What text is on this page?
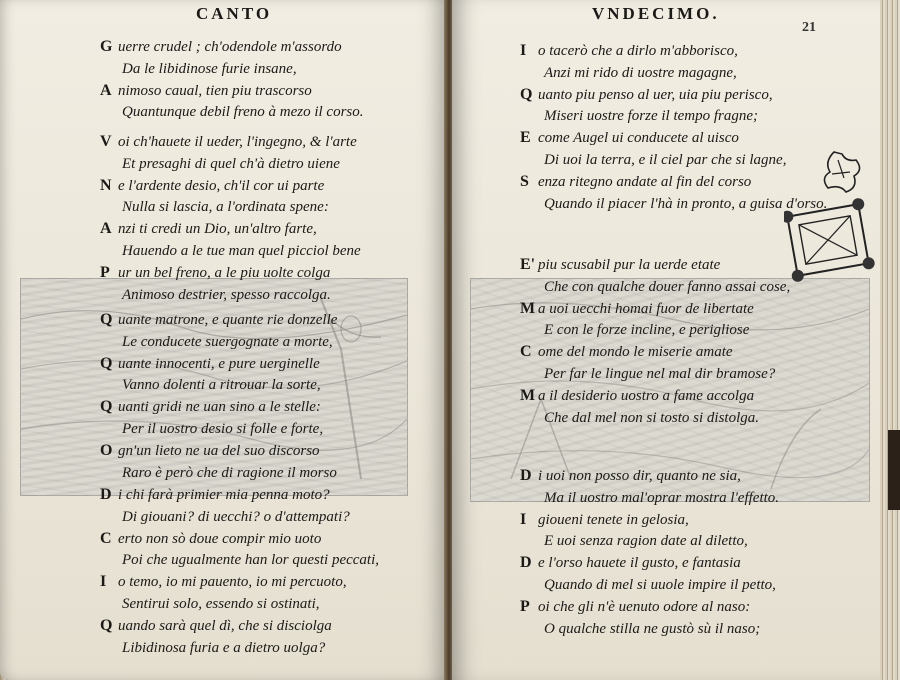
CANTO
G uerre crudel ; ch'odendole m'assordo
Da le libidinose furie insane,
A nimoso caual, tien piu trascorso
Quantunque debil freno à mezo il corso.
V oi ch'hauete il ueder, l'ingegno, & l'arte
Et presaghi di quel ch'à dietro uiene
N e l'ardente desio, ch'il cor ui parte
Nulla si lascia, a l'ordinata spene:
A nzi ti credi un Dio, un'altro farte,
Hauendo a le tue man quel picciol bene
P ur un bel freno, a le piu uolte colga
Animoso destrier, spesso raccolga.
Q uante matrone, e quante rie donzelle
Le conducete suergognate a morte,
Q uante innocenti, e pure uerginelle
Vanno dolenti a ritrouar la sorte,
Q uanti gridi ne uan sino a le stelle:
Per il uostro desio si folle e forte,
O gn'un lieto ne ua del suo discorso
Raro è però che di ragione il morso
D i chi farà primier mia penna moto?
Di giouani? di uecchi? o d'attempati?
C erto non sò doue compir mio uoto
Poi che ugualmente han lor questi peccati,
I o temo, io mi pauento, io mi percuoto,
Sentirui solo, essendo si ostinati,
Q uando sarà quel dì, che si disciolga
Libidinosa furia e a dietro uolga?
VNDECIMO.
21
I o tacerò che a dirlo m'abborisco,
Anzi mi rido di uostre magagne,
Q uanto piu penso al uer, uia piu perisco,
Miseri uostre forze il tempo fragne;
E come Augel ui conducete al uisco
Di uoi la terra, e il ciel par che si lagne,
S enza ritegno andate al fin del corso
Quando il piacer l'hà in pronto, a guisa d'orso.
E' piu scusabil pur la uerde etate
Che con qualche douer fanno assai cose,
M a uoi uecchi homai fuor de libertate
E con le forze incline, e perigliose
C ome del mondo le miserie amate
Per far le lingue nel mal dir bramose?
M a il desiderio uostro a fame accolga
Che dal mel non si tosto si distolga.
D i uoi non posso dir, quanto ne sia,
Ma il uostro mal'oprar mostra l'effetto.
I gioueni tenete in gelosia,
E uoi senza ragion date al diletto,
D e l'orso hauete il gusto, e fantasia
Quando di mel si uuole impire il petto,
P oi che gli n'è uenuto odore al naso:
O qualche stilla ne gustò sù il naso;
